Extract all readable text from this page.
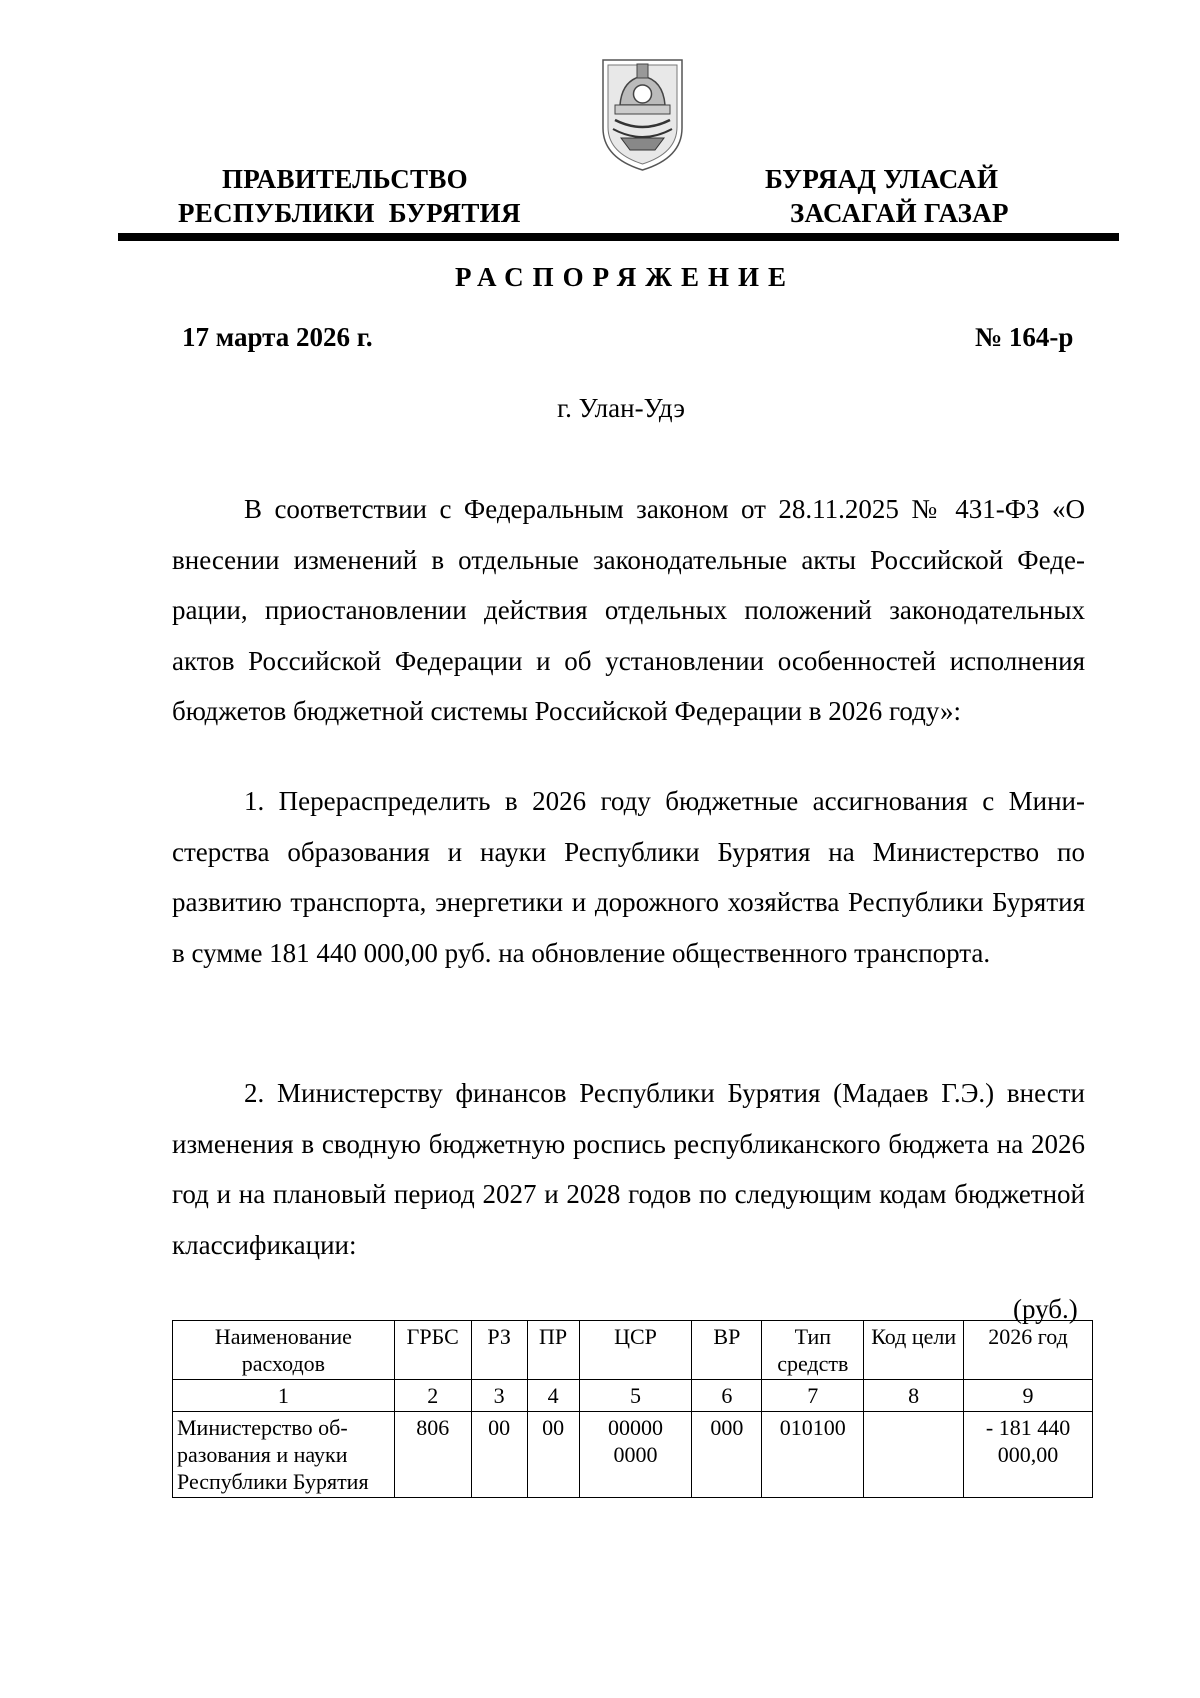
ПРАВИТЕЛЬСТВО
РЕСПУБЛИКИ  БУРЯТИЯ
БУРЯАД УЛАСАЙ
ЗАСАГАЙ ГАЗАР
РАСПОРЯЖЕНИЕ
17 марта 2026 г.	№ 164-р
г. Улан-Удэ
В соответствии с Федеральным законом от 28.11.2025 № 431-ФЗ «О внесении изменений в отдельные законодательные акты Российской Федерации, приостановлении действия отдельных положений законодательных актов Российской Федерации и об установлении особенностей исполнения бюджетов бюджетной системы Российской Федерации в 2026 году»:
1. Перераспределить в 2026 году бюджетные ассигнования с Министерства образования и науки Республики Бурятия на Министерство по развитию транспорта, энергетики и дорожного хозяйства Республики Бурятия в сумме 181 440 000,00 руб. на обновление общественного транспорта.
2. Министерству финансов Республики Бурятия (Мадаев Г.Э.) внести изменения в сводную бюджетную роспись республиканского бюджета на 2026 год и на плановый период 2027 и 2028 годов по следующим кодам бюджетной классификации:
(руб.)
Наименование расходов	ГРБС	РЗ	ПР	ЦСР	ВР	Тип средств	Код цели	2026 год
1	2	3	4	5	6	7	8	9
Министерство образования и науки Республики Бурятия	806	00	00	00000 0000	000	010100		- 181 440 000,00
